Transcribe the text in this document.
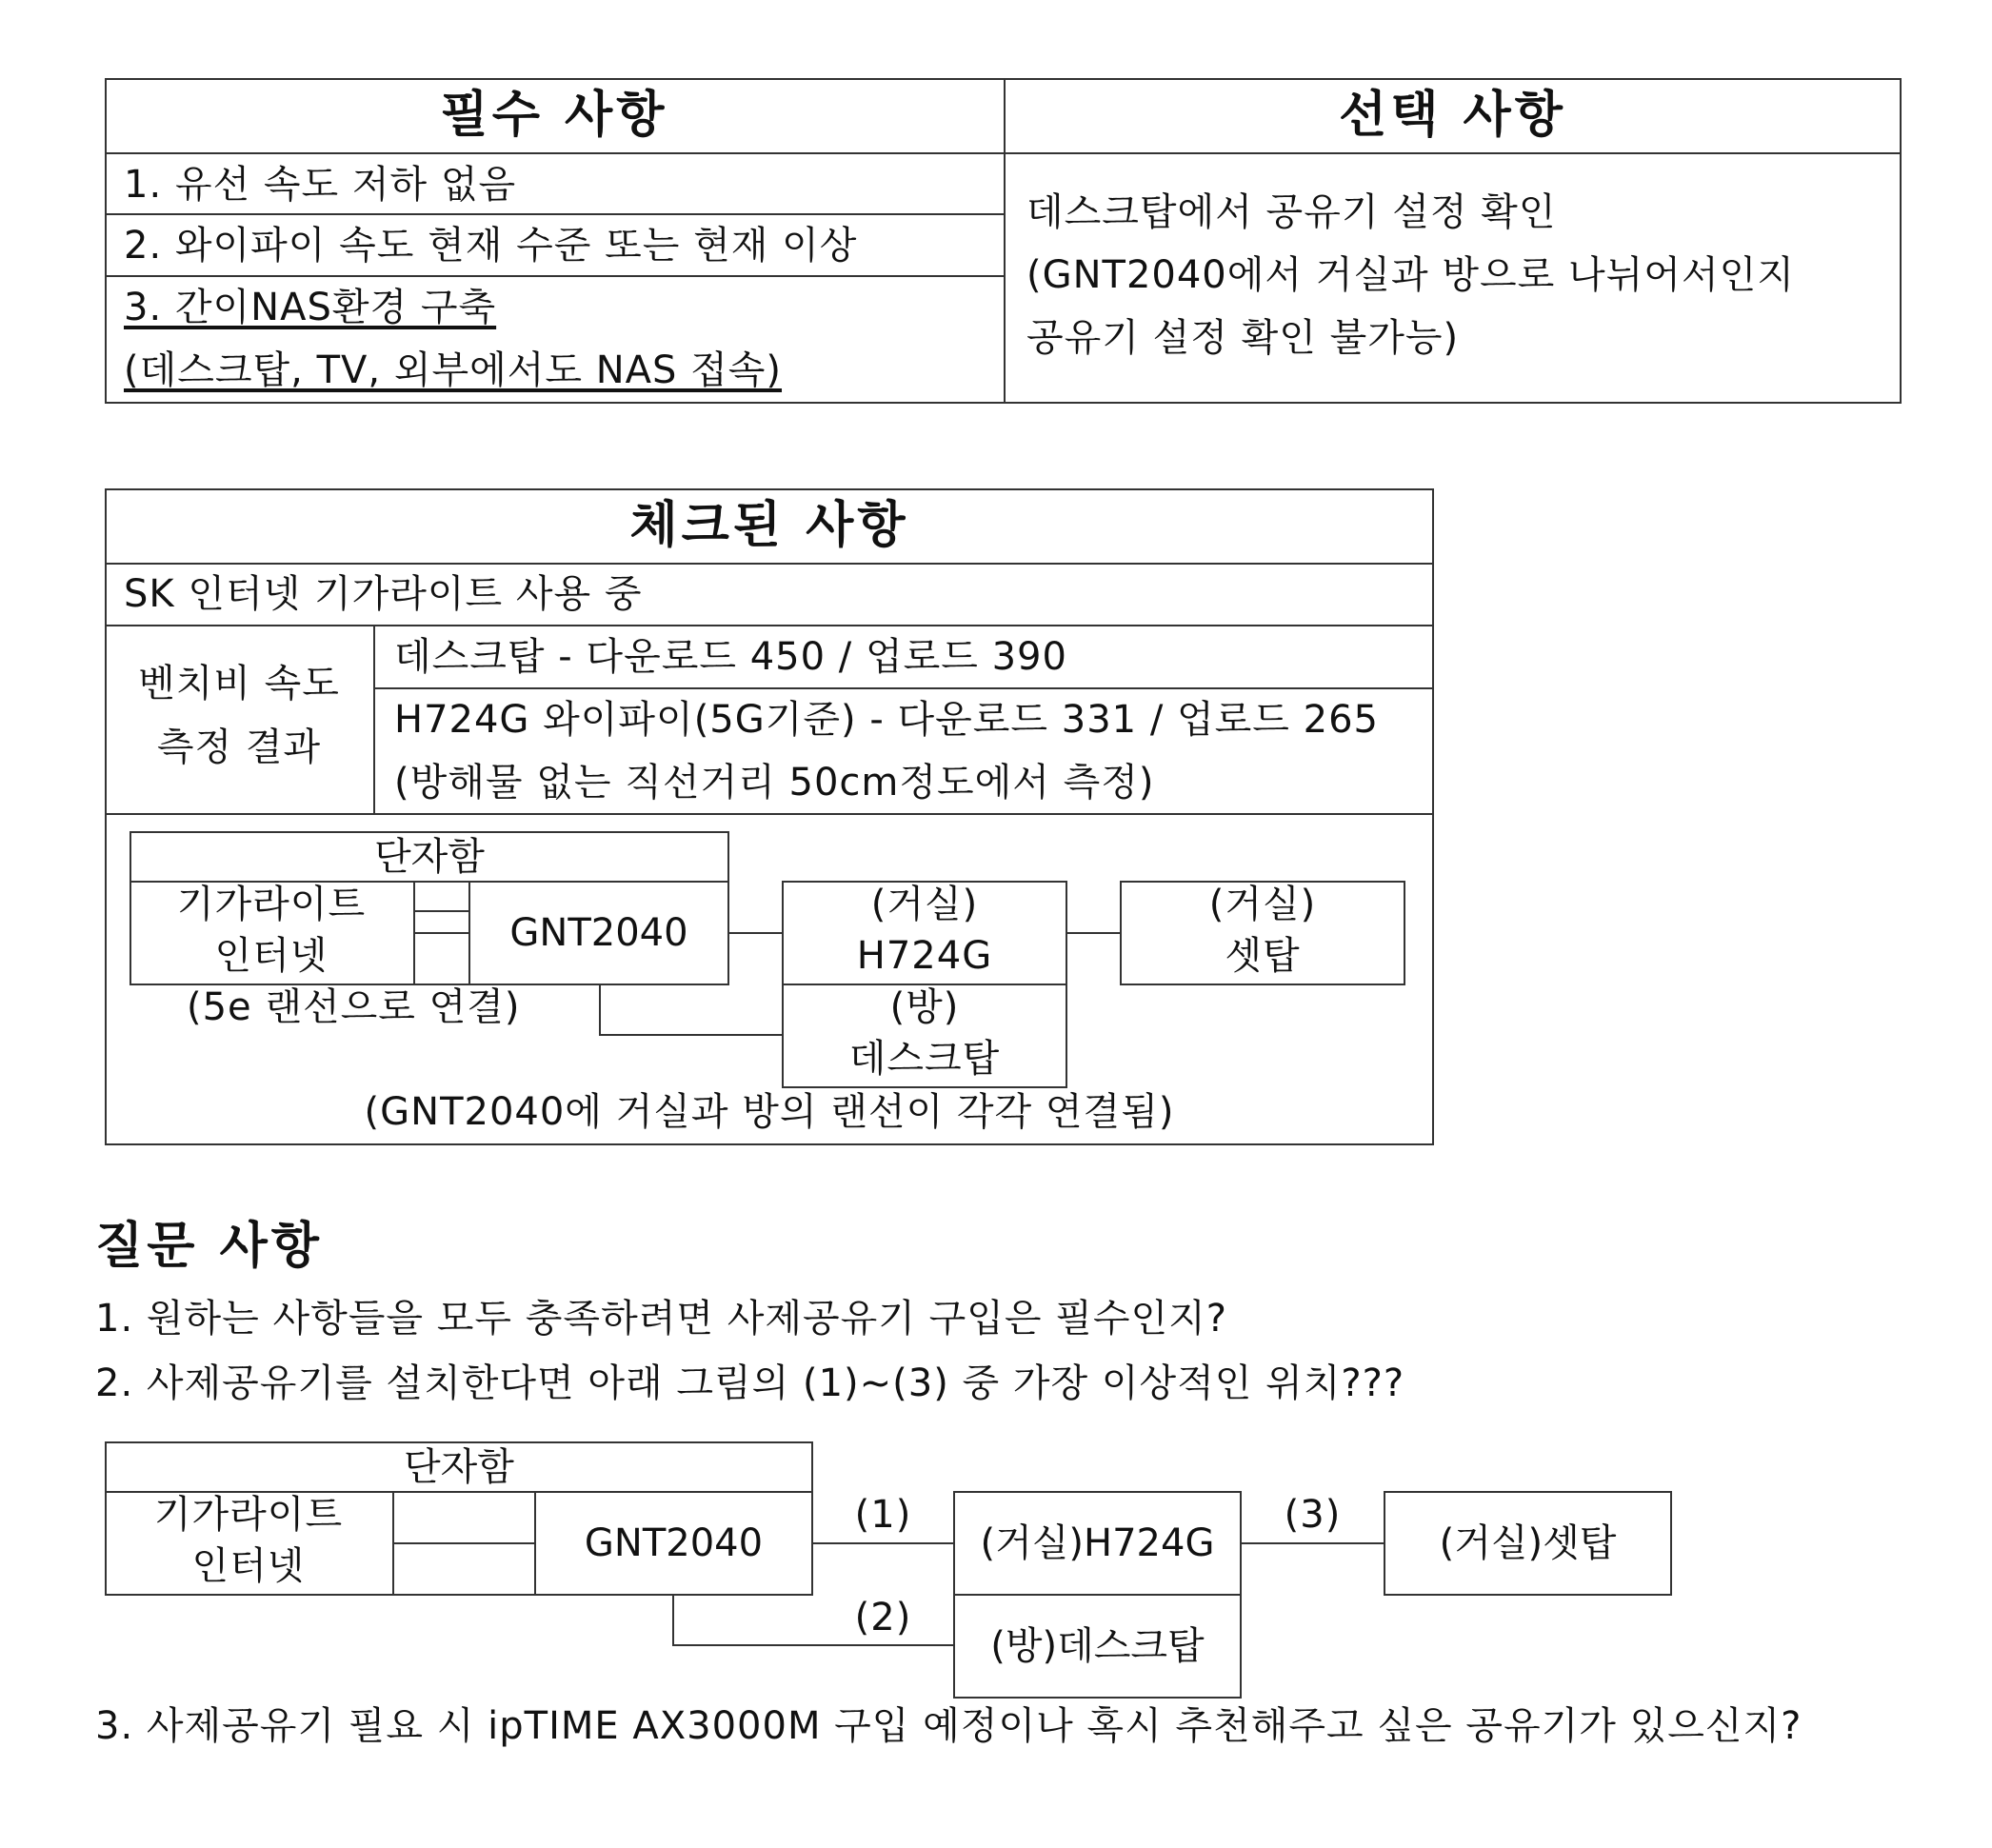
필수 사항	선택 사항
1. 유선 속도 저하 없음
2. 와이파이 속도 현재 수준 또는 현재 이상
3. 간이NAS환경 구축
(데스크탑, TV, 외부에서도 NAS 접속)
데스크탑에서 공유기 설정 확인
(GNT2040에서 거실과 방으로 나뉘어서인지
공유기 설정 확인 불가능)
체크된 사항
SK 인터넷 기가라이트 사용 중
벤치비 속도
측정 결과
데스크탑 - 다운로드 450 / 업로드 390
H724G 와이파이(5G기준) - 다운로드 331 / 업로드 265
(방해물 없는 직선거리 50cm정도에서 측정)
단자함
기가라이트
인터넷
GNT2040
(거실)
H724G
(방)
데스크탑
(거실)
셋탑
(5e 랜선으로 연결)
(GNT2040에 거실과 방의 랜선이 각각 연결됨)
질문 사항
1. 원하는 사항들을 모두 충족하려면 사제공유기 구입은 필수인지?
2. 사제공유기를 설치한다면 아래 그림의 (1)~(3) 중 가장 이상적인 위치???
단자함
기가라이트
인터넷
GNT2040	(거실)H724G
(방)데스크탑
(거실)셋탑
(1)
(2)
(3)
3. 사제공유기 필요 시 ipTIME AX3000M 구입 예정이나 혹시 추천해주고 싶은 공유기가 있으신지?
